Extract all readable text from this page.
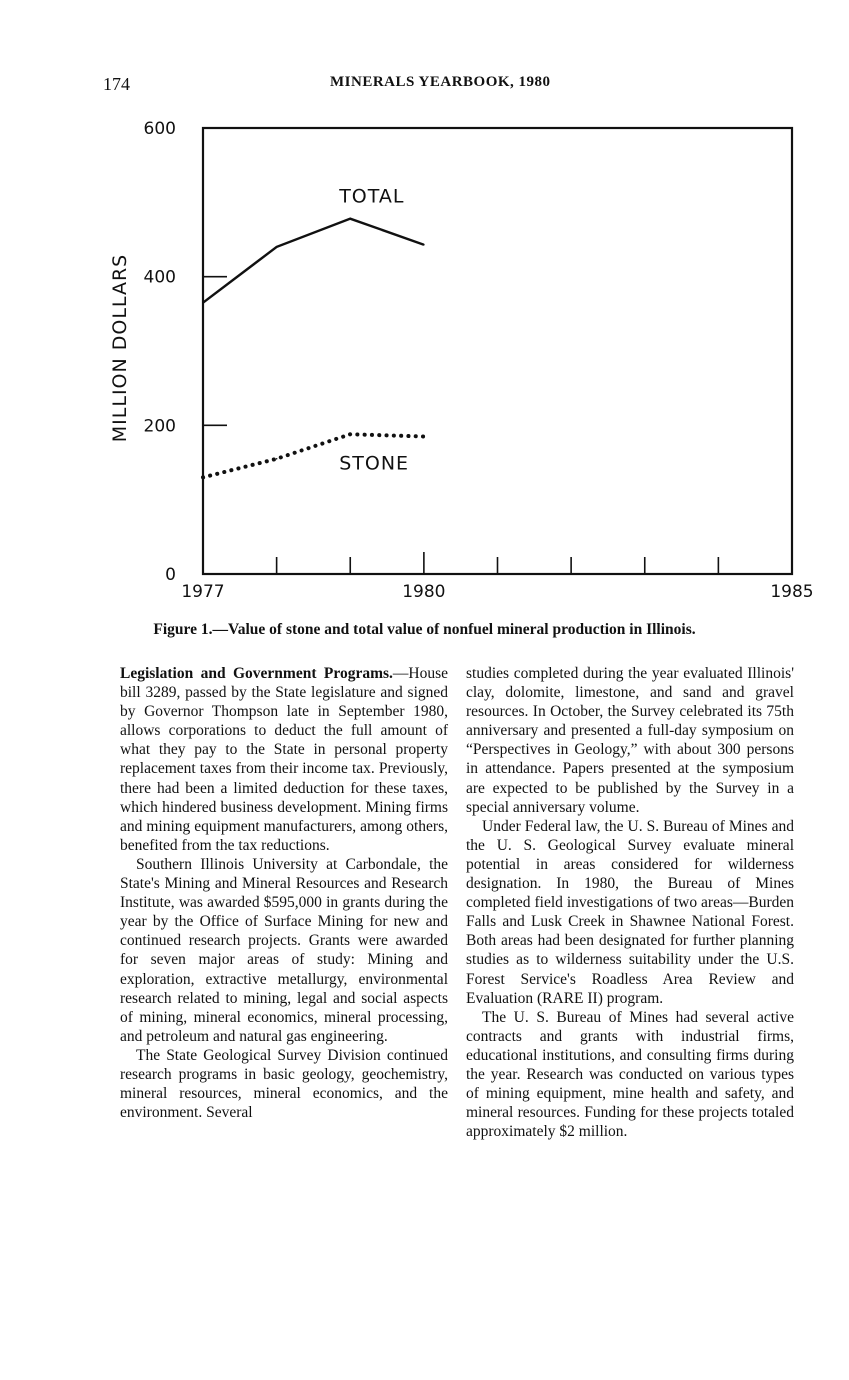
174	MINERALS YEARBOOK, 1980
0
200
400
600
1977	1980	1985
MILLION DOLLARS
TOTAL
STONE
Figure 1.—Value of stone and total value of nonfuel mineral production in Illinois.

Legislation and Government Programs.—House bill 3289, passed by the State legislature and signed by Governor Thompson late in September 1980, allows corporations to deduct the full amount of what they pay to the State in personal property replacement taxes from their income tax. Previously, there had been a limited deduction for these taxes, which hindered business development. Mining firms and mining equipment manufacturers, among others, benefited from the tax reductions.

Southern Illinois University at Carbondale, the State's Mining and Mineral Resources and Research Institute, was awarded $595,000 in grants during the year by the Office of Surface Mining for new and continued research projects. Grants were awarded for seven major areas of study: Mining and exploration, extractive metallurgy, environmental research related to mining, legal and social aspects of mining, mineral economics, mineral processing, and petroleum and natural gas engineering.

The State Geological Survey Division continued research programs in basic geology, geochemistry, mineral resources, mineral economics, and the environment. Several

studies completed during the year evaluated Illinois' clay, dolomite, limestone, and sand and gravel resources. In October, the Survey celebrated its 75th anniversary and presented a full-day symposium on “Perspectives in Geology,” with about 300 persons in attendance. Papers presented at the symposium are expected to be published by the Survey in a special anniversary volume.

Under Federal law, the U. S. Bureau of Mines and the U. S. Geological Survey evaluate mineral potential in areas considered for wilderness designation. In 1980, the Bureau of Mines completed field investigations of two areas—Burden Falls and Lusk Creek in Shawnee National Forest. Both areas had been designated for further planning studies as to wilderness suitability under the U.S. Forest Service's Roadless Area Review and Evaluation (RARE II) program.

The U. S. Bureau of Mines had several active contracts and grants with industrial firms, educational institutions, and consulting firms during the year. Research was conducted on various types of mining equipment, mine health and safety, and mineral resources. Funding for these projects totaled approximately $2 million.
